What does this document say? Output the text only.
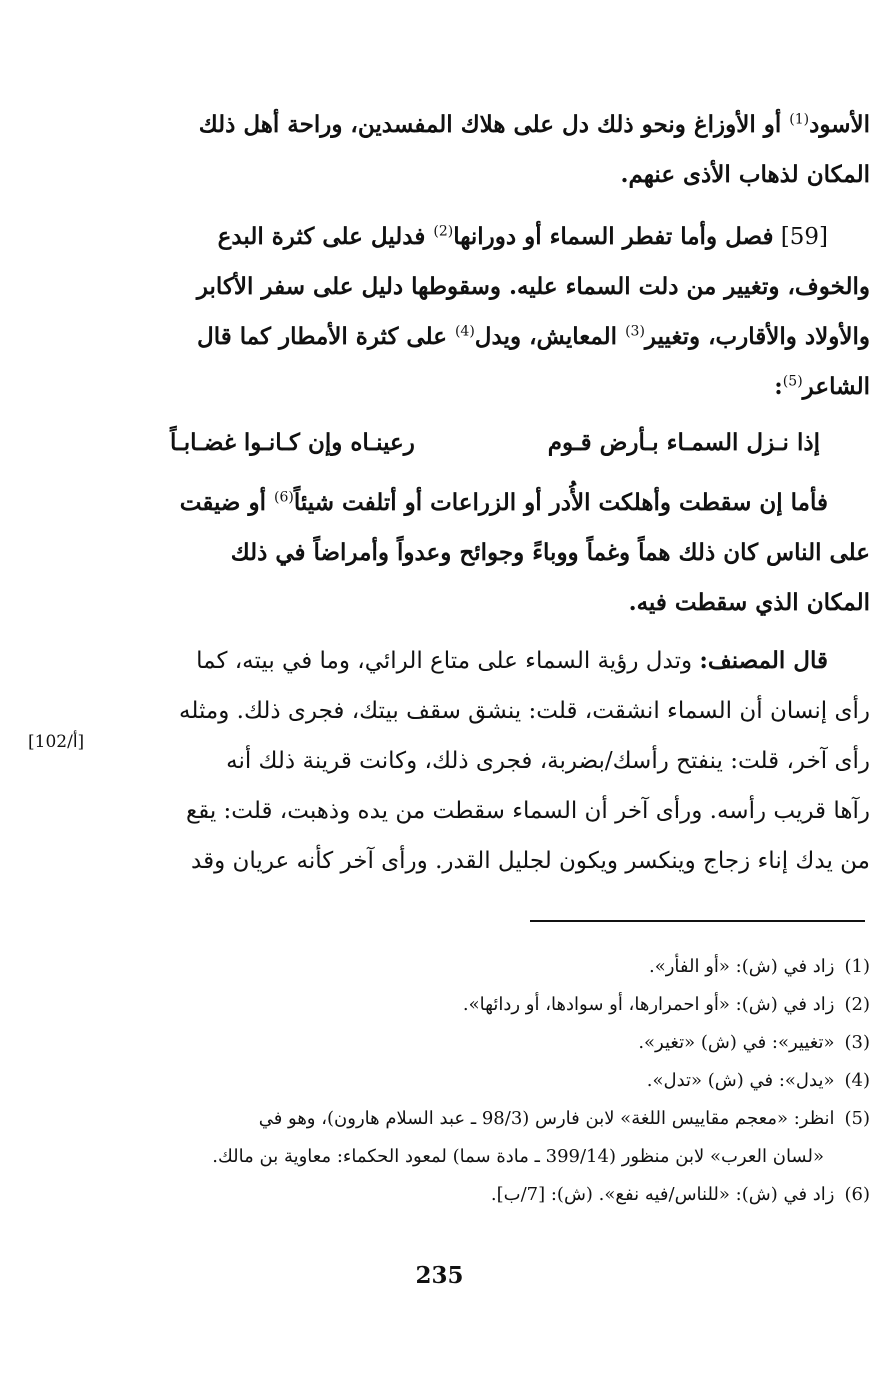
الأسود$^{(1)}$ أو الأوزاغ ونحو ذلك دل على هلاك المفسدين، وراحة أهل ذلك

المكان لذهاب الأذى عنهم.

[59] فصل وأما تفطر السماء أو دورانها$^{(2)}$ فدليل على كثرة البدع

والخوف، وتغيير من دلت السماء عليه. وسقوطها دليل على سفر الأكابر

والأولاد والأقارب، وتغيير$^{(3)}$ المعايش، ويدل$^{(4)}$ على كثرة الأمطار كما قال

الشاعر$^{(5)}$:

إذا نـزل السمـاء بـأرض قـوم
رعينـاه وإن كـانـوا غضـابـاً

فأما إن سقطت وأهلكت الأُدر أو الزراعات أو أتلفت شيئاً$^{(6)}$ أو ضيقت

على الناس كان ذلك هماً وغماً ووباءً وجوائح وعدواً وأمراضاً في ذلك

المكان الذي سقطت فيه.

قال المصنف: وتدل رؤية السماء على متاع الرائي، وما في بيته، كما

رأى إنسان أن السماء انشقت، قلت: ينشق سقف بيتك، فجرى ذلك. ومثله

رأى آخر، قلت: ينفتح رأسك/بضربة، فجرى ذلك، وكانت قرينة ذلك أنه

رآها قريب رأسه. ورأى آخر أن السماء سقطت من يده وذهبت، قلت: يقع

من يدك إناء زجاج وينكسر ويكون لجليل القدر. ورأى آخر كأنه عريان وقد

[102/أ]

(1)زاد في (ش): «أو الفأر».

(2)زاد في (ش): «أو احمرارها، أو سوادها، أو ردائها».

(3)«تغيير»: في (ش) «تغير».

(4)«يدل»: في (ش) «تدل».

(5)انظر: «معجم مقاييس اللغة» لابن فارس (98/3 ـ عبد السلام هارون)، وهو في

«لسان العرب» لابن منظور (399/14 ـ مادة سما) لمعود الحكماء: معاوية بن مالك.

(6)زاد في (ش): «للناس/فيه نفع». (ش): [7/ب].

235
